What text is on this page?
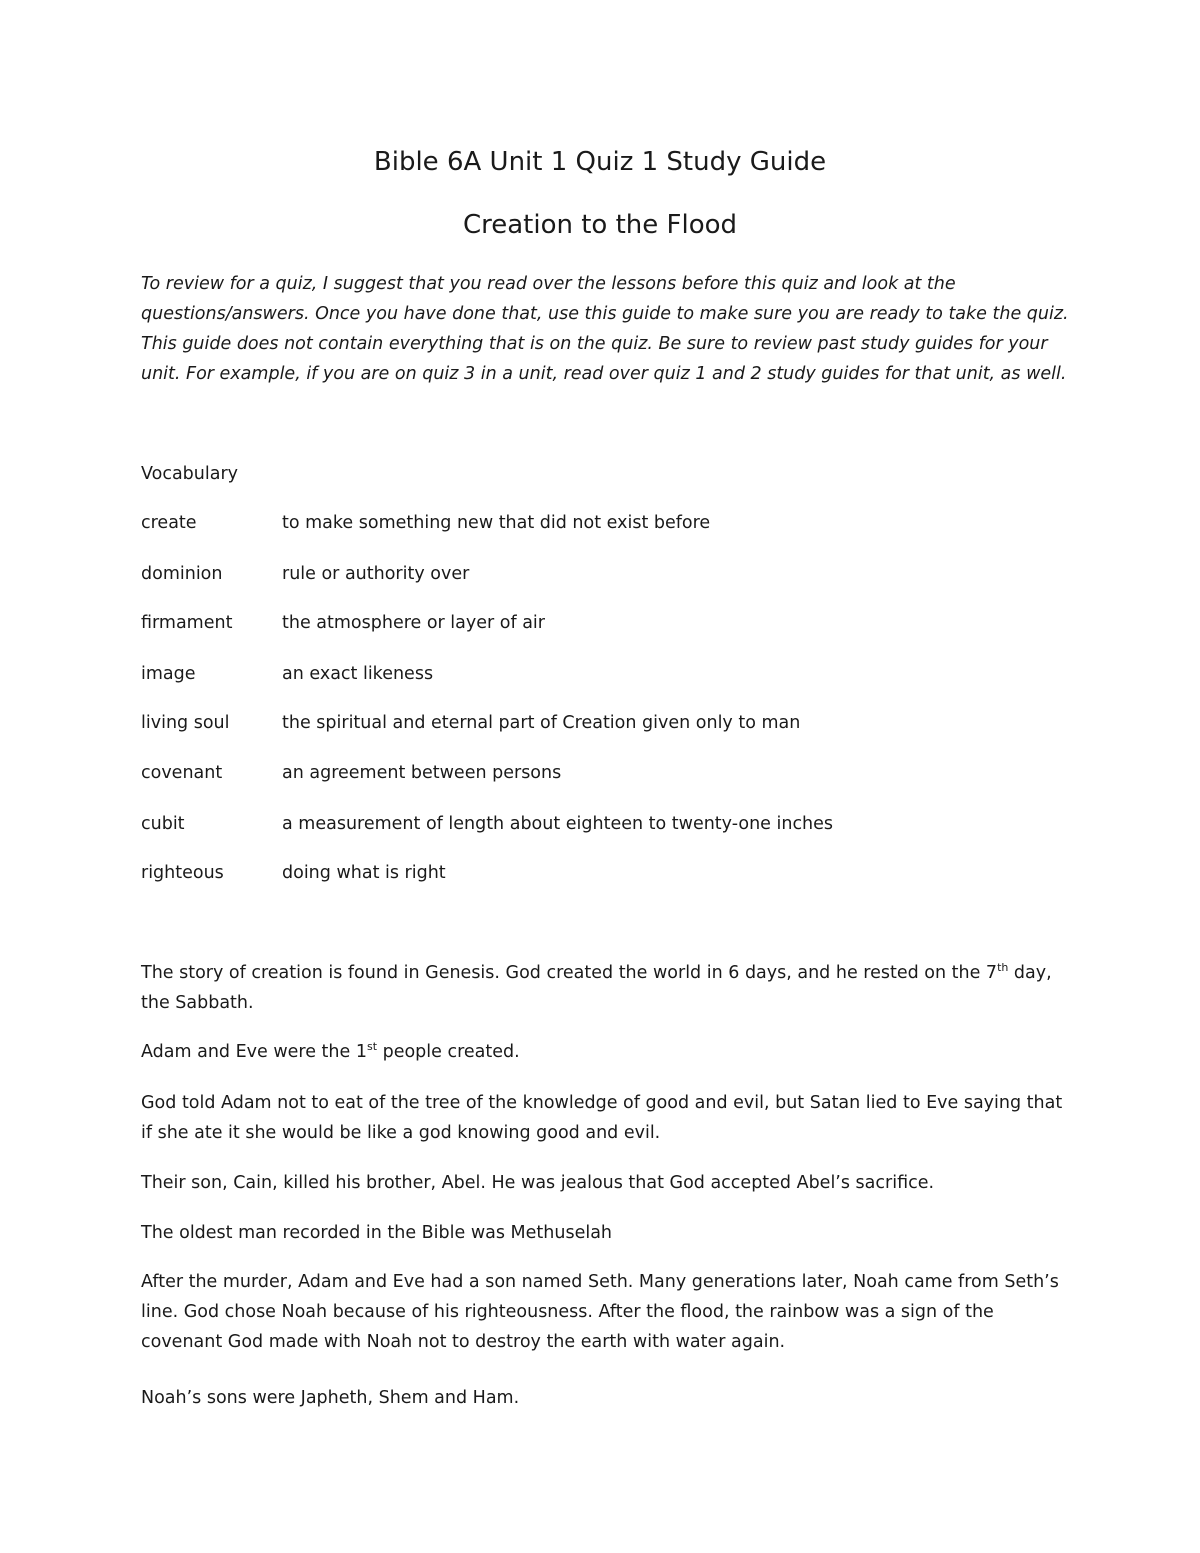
Bible 6A Unit 1 Quiz 1 Study Guide
Creation to the Flood

To review for a quiz, I suggest that you read over the lessons before this quiz and look at the questions/answers. Once you have done that, use this guide to make sure you are ready to take the quiz. This guide does not contain everything that is on the quiz. Be sure to review past study guides for your unit. For example, if you are on quiz 3 in a unit, read over quiz 1 and 2 study guides for that unit, as well.

Vocabulary

create	to make something new that did not exist before
dominion	rule or authority over
firmament	the atmosphere or layer of air
image	an exact likeness
living soul	the spiritual and eternal part of Creation given only to man
covenant	an agreement between persons
cubit	a measurement of length about eighteen to twenty-one inches
righteous	doing what is right

The story of creation is found in Genesis. God created the world in 6 days, and he rested on the 7th day, the Sabbath.

Adam and Eve were the 1st people created.

God told Adam not to eat of the tree of the knowledge of good and evil, but Satan lied to Eve saying that if she ate it she would be like a god knowing good and evil.

Their son, Cain, killed his brother, Abel. He was jealous that God accepted Abel’s sacrifice.

The oldest man recorded in the Bible was Methuselah

After the murder, Adam and Eve had a son named Seth. Many generations later, Noah came from Seth’s line. God chose Noah because of his righteousness. After the flood, the rainbow was a sign of the covenant God made with Noah not to destroy the earth with water again.

Noah’s sons were Japheth, Shem and Ham.
